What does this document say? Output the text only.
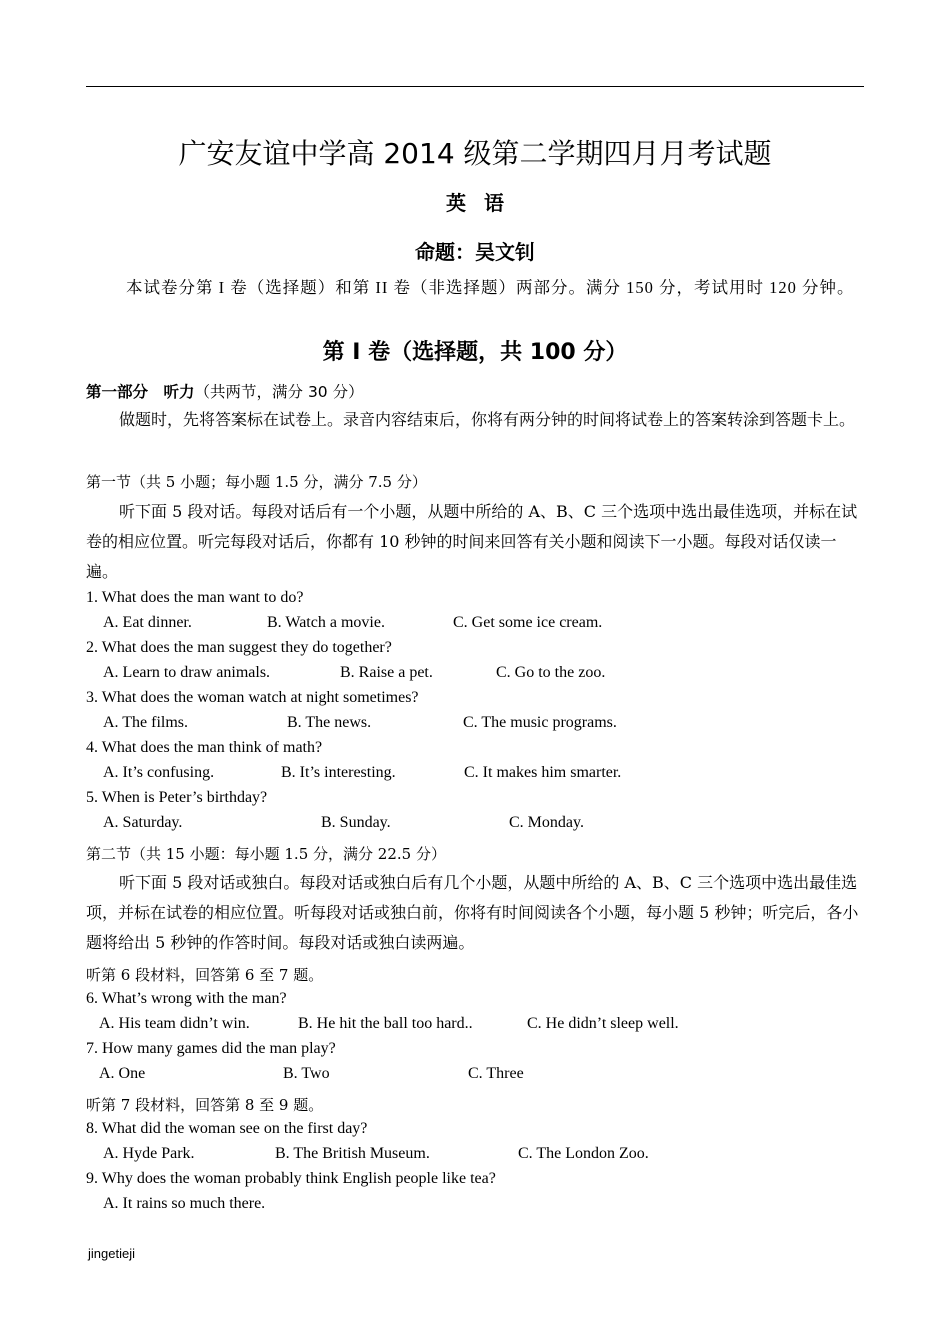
广安友谊中学高 2014 级第二学期四月月考试题
英语
命题：吴文钊
本试卷分第 I 卷（选择题）和第 II 卷（非选择题）两部分。满分 150 分，考试用时 120 分钟。
第 I 卷（选择题，共 100 分）
第一部分　听力（共两节，满分 30 分）
做题时，先将答案标在试卷上。录音内容结束后，你将有两分钟的时间将试卷上的答案转涂到答题卡上。
第一节（共 5 小题；每小题 1.5 分，满分 7.5 分）
听下面 5 段对话。每段对话后有一个小题，从题中所给的 A、B、C 三个选项中选出最佳选项，并标在试卷的相应位置。听完每段对话后，你都有 10 秒钟的时间来回答有关小题和阅读下一小题。每段对话仅读一遍。
1. What does the man want to do?
A. Eat dinner.	B. Watch a movie.	C. Get some ice cream.
2. What does the man suggest they do together?
A. Learn to draw animals.	B. Raise a pet.	C. Go to the zoo.
3. What does the woman watch at night sometimes?
A. The films.	B. The news.	C. The music programs.
4. What does the man think of math?
A. It’s confusing.	B. It’s interesting.	C. It makes him smarter.
5. When is Peter’s birthday?
A. Saturday.	B. Sunday.	C. Monday.
第二节（共 15 小题：每小题 1.5 分，满分 22.5 分）
听下面 5 段对话或独白。每段对话或独白后有几个小题，从题中所给的 A、B、C 三个选项中选出最佳选项，并标在试卷的相应位置。听每段对话或独白前，你将有时间阅读各个小题，每小题 5 秒钟；听完后，各小题将给出 5 秒钟的作答时间。每段对话或独白读两遍。
听第 6 段材料，回答第 6 至 7 题。
6. What’s wrong with the man?
A. His team didn’t win.	B. He hit the ball too hard..	C. He didn’t sleep well.
7. How many games did the man play?
A. One	B. Two	C. Three
听第 7 段材料，回答第 8 至 9 题。
8. What did the woman see on the first day?
A. Hyde Park.	B. The British Museum.	C. The London Zoo.
9. Why does the woman probably think English people like tea?
A. It rains so much there.
jingetieji
